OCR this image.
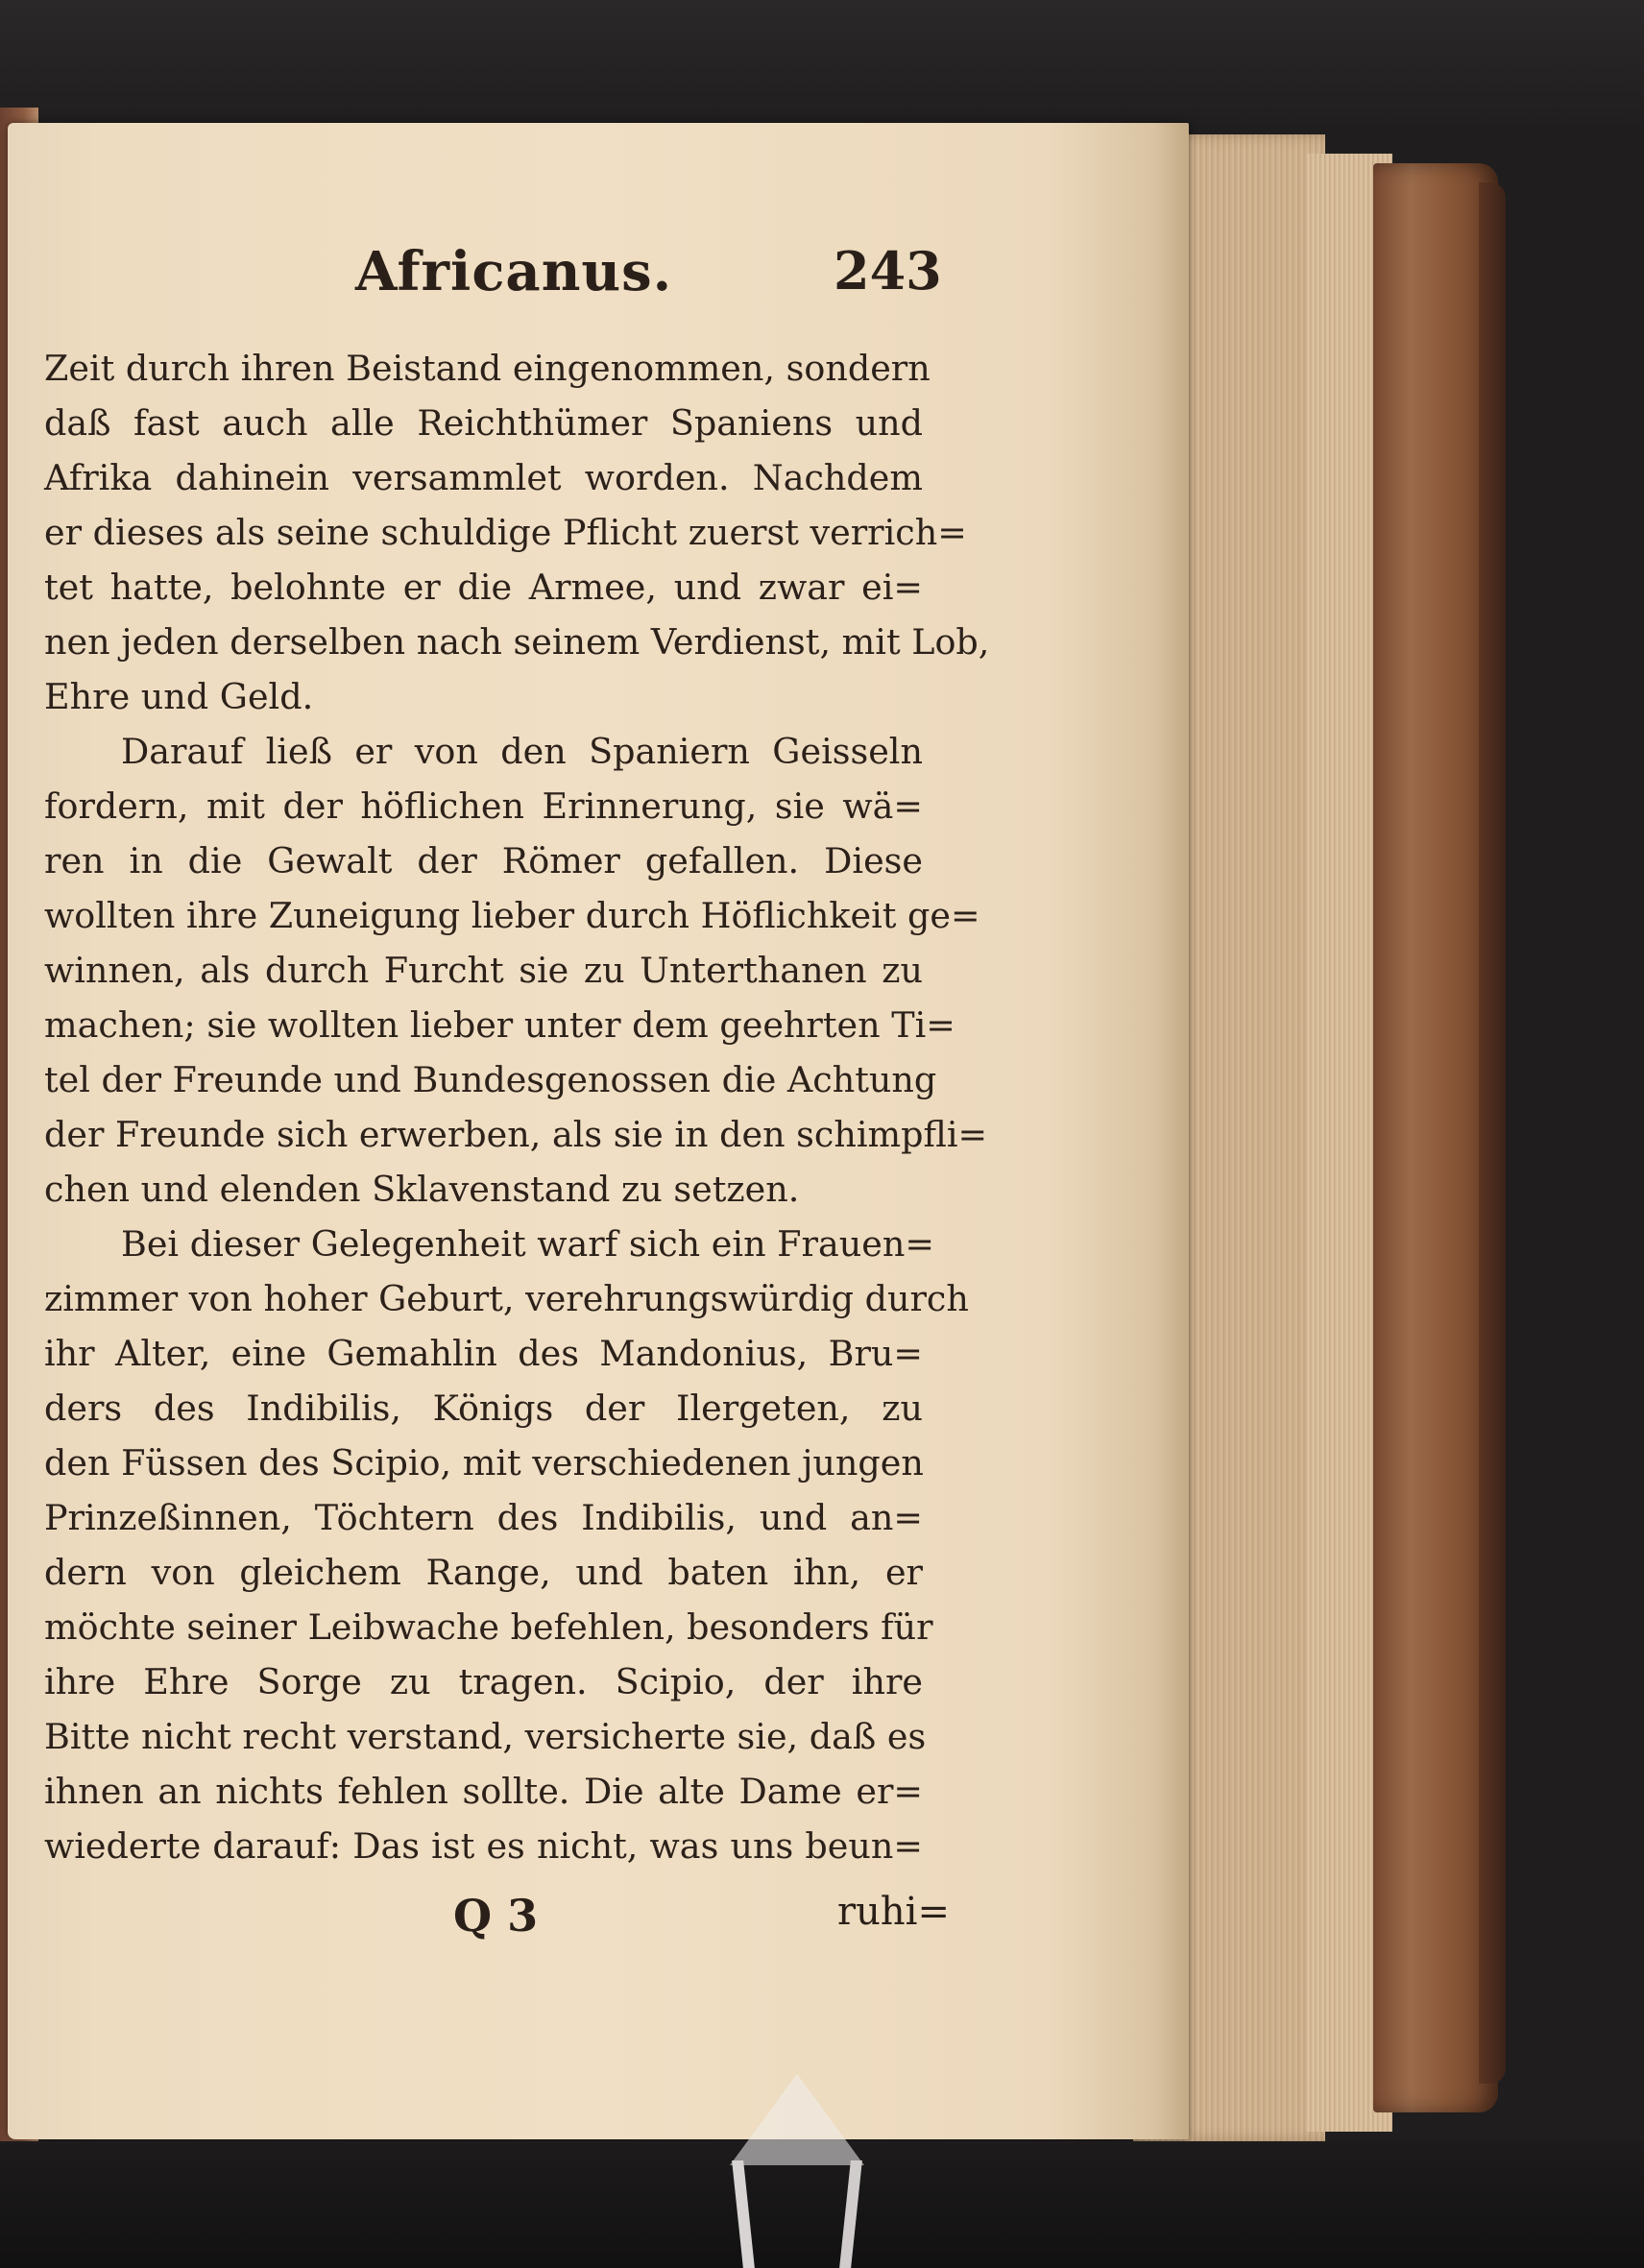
Africanus.	243
Zeit durch ihren Beistand eingenommen, sondern
daß fast auch alle Reichthümer Spaniens und
Afrika dahinein versammlet worden. Nachdem
er dieses als seine schuldige Pflicht zuerst verrich=
tet hatte, belohnte er die Armee, und zwar ei=
nen jeden derselben nach seinem Verdienst, mit Lob,
Ehre und Geld.
Darauf ließ er von den Spaniern Geisseln
fordern, mit der höflichen Erinnerung, sie wä=
ren in die Gewalt der Römer gefallen. Diese
wollten ihre Zuneigung lieber durch Höflichkeit ge=
winnen, als durch Furcht sie zu Unterthanen zu
machen; sie wollten lieber unter dem geehrten Ti=
tel der Freunde und Bundesgenossen die Achtung
der Freunde sich erwerben, als sie in den schimpfli=
chen und elenden Sklavenstand zu setzen.
Bei dieser Gelegenheit warf sich ein Frauen=
zimmer von hoher Geburt, verehrungswürdig durch
ihr Alter, eine Gemahlin des Mandonius, Bru=
ders des Indibilis, Königs der Ilergeten, zu
den Füssen des Scipio, mit verschiedenen jungen
Prinzeßinnen, Töchtern des Indibilis, und an=
dern von gleichem Range, und baten ihn, er
möchte seiner Leibwache befehlen, besonders für
ihre Ehre Sorge zu tragen. Scipio, der ihre
Bitte nicht recht verstand, versicherte sie, daß es
ihnen an nichts fehlen sollte. Die alte Dame er=
wiederte darauf: Das ist es nicht, was uns beun=
Q 3	ruhi=
